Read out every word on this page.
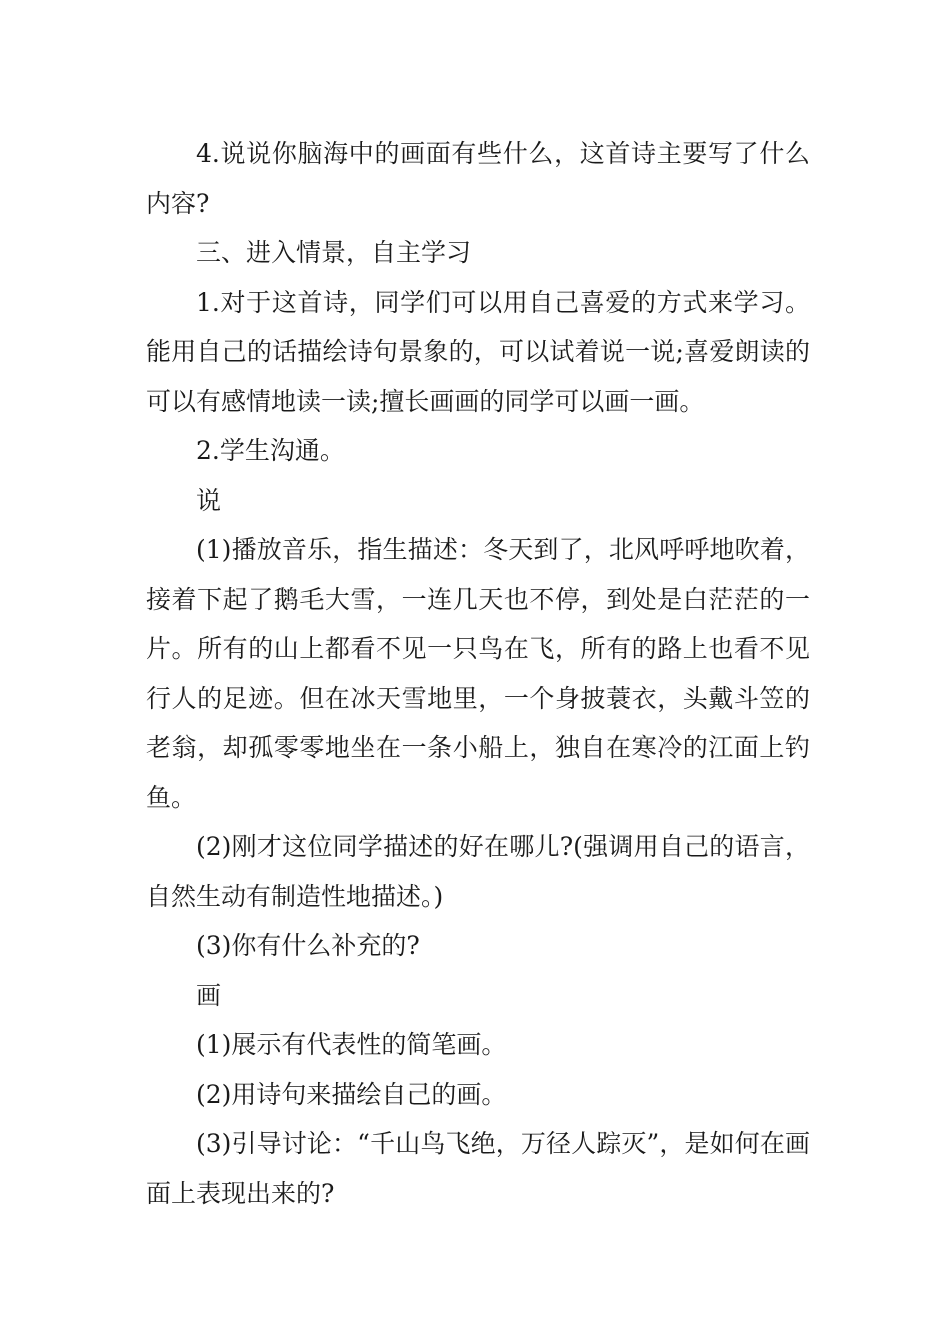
4.说说你脑海中的画面有些什么，这首诗主要写了什么内容?

三、进入情景，自主学习

1.对于这首诗，同学们可以用自己喜爱的方式来学习。能用自己的话描绘诗句景象的，可以试着说一说;喜爱朗读的可以有感情地读一读;擅长画画的同学可以画一画。

2.学生沟通。

说

(1)播放音乐，指生描述：冬天到了，北风呼呼地吹着，接着下起了鹅毛大雪，一连几天也不停，到处是白茫茫的一片。所有的山上都看不见一只鸟在飞，所有的路上也看不见行人的足迹。但在冰天雪地里，一个身披蓑衣，头戴斗笠的老翁，却孤零零地坐在一条小船上，独自在寒冷的江面上钓鱼。

(2)刚才这位同学描述的好在哪儿?(强调用自己的语言，自然生动有制造性地描述。)

(3)你有什么补充的?

画

(1)展示有代表性的简笔画。

(2)用诗句来描绘自己的画。

(3)引导讨论：“千山鸟飞绝，万径人踪灭”，是如何在画面上表现出来的?
